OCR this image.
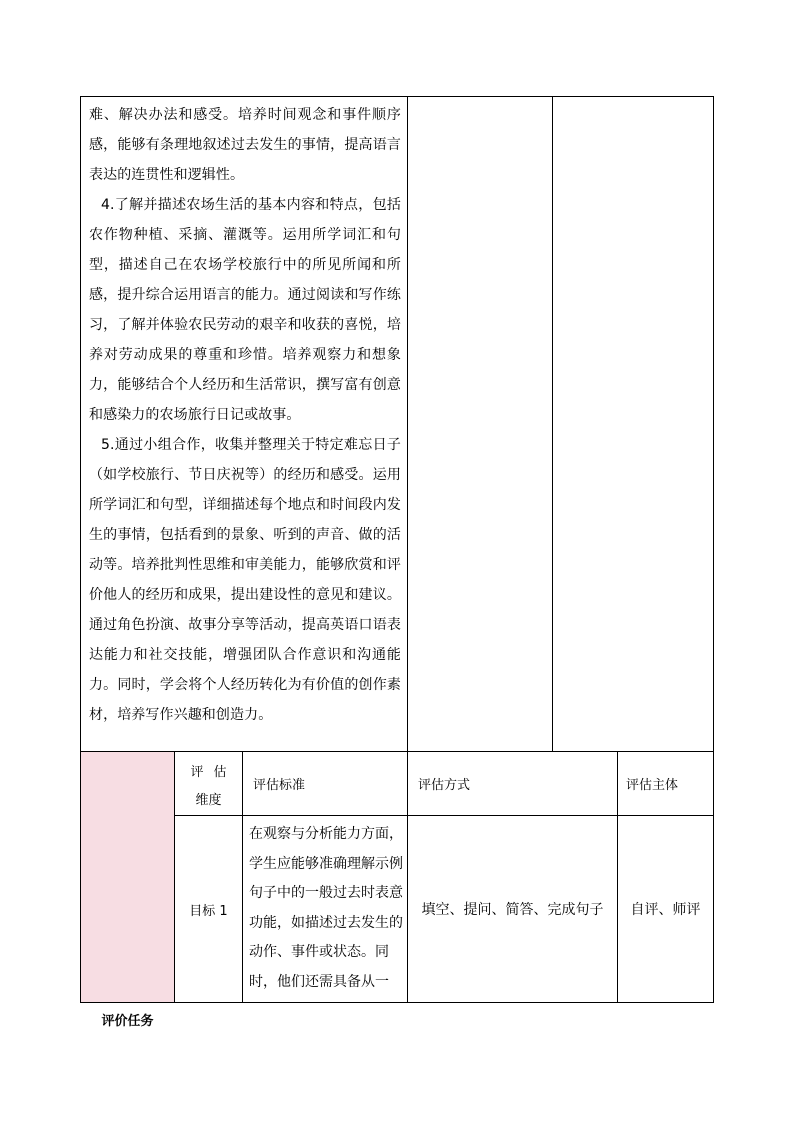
难、解决办法和感受。培养时间观念和事件顺序感，能够有条理地叙述过去发生的事情，提高语言表达的连贯性和逻辑性。

4.了解并描述农场生活的基本内容和特点，包括农作物种植、采摘、灌溉等。运用所学词汇和句型，描述自己在农场学校旅行中的所见所闻和所感，提升综合运用语言的能力。通过阅读和写作练习，了解并体验农民劳动的艰辛和收获的喜悦，培养对劳动成果的尊重和珍惜。培养观察力和想象力，能够结合个人经历和生活常识，撰写富有创意和感染力的农场旅行日记或故事。

5.通过小组合作，收集并整理关于特定难忘日子（如学校旅行、节日庆祝等）的经历和感受。运用所学词汇和句型，详细描述每个地点和时间段内发生的事情，包括看到的景象、听到的声音、做的活动等。培养批判性思维和审美能力，能够欣赏和评价他人的经历和成果，提出建设性的意见和建议。通过角色扮演、故事分享等活动，提高英语口语表达能力和社交技能，增强团队合作意识和沟通能力。同时，学会将个人经历转化为有价值的创作素材，培养写作兴趣和创造力。

评价任务
评估
维度
评估标准	评估方式	评估主体
目标 1

在观察与分析能力方面，学生应能够准确理解示例句子中的一般过去时表意功能，如描述过去发生的动作、事件或状态。同时，他们还需具备从一

填空、提问、简答、完成句子 自评、师评
